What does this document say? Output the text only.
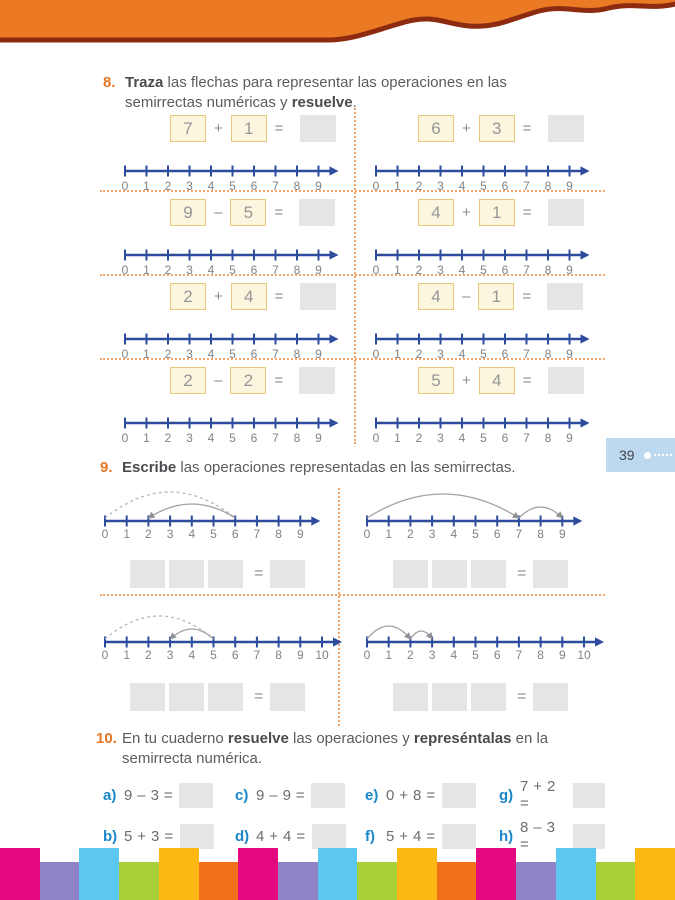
8. Traza las flechas para representar las operaciones en las semirrectas numéricas y resuelve.
7	+	1	=
0 1 2 3 4 5 6 7 8 9
6	+	3	=
0 1 2 3 4 5 6 7 8 9
9	–	5	=
0 1 2 3 4 5 6 7 8 9
4	+	1	=
0 1 2 3 4 5 6 7 8 9
2	+	4	=
0 1 2 3 4 5 6 7 8 9
4	–	1	=
0 1 2 3 4 5 6 7 8 9
2	–	2	=
0 1 2 3 4 5 6 7 8 9
5	+	4	=
0 1 2 3 4 5 6 7 8 9
39
9. Escribe las operaciones representadas en las semirrectas.
0 1 2 3 4 5 6 7 8 9
=
0 1 2 3 4 5 6 7 8 9
=
0 1 2 3 4 5 6 7 8 9 10
=
0 1 2 3 4 5 6 7 8 9 10
=
10. En tu cuaderno resuelve las operaciones y represéntalas en la semirrecta numérica.
a) 9 – 3 =	c) 9 – 9 =	e) 0 + 8 =	g) 7 + 2 =
b) 5 + 3 =	d) 4 + 4 =	f) 5 + 4 =	h) 8 – 3 =
